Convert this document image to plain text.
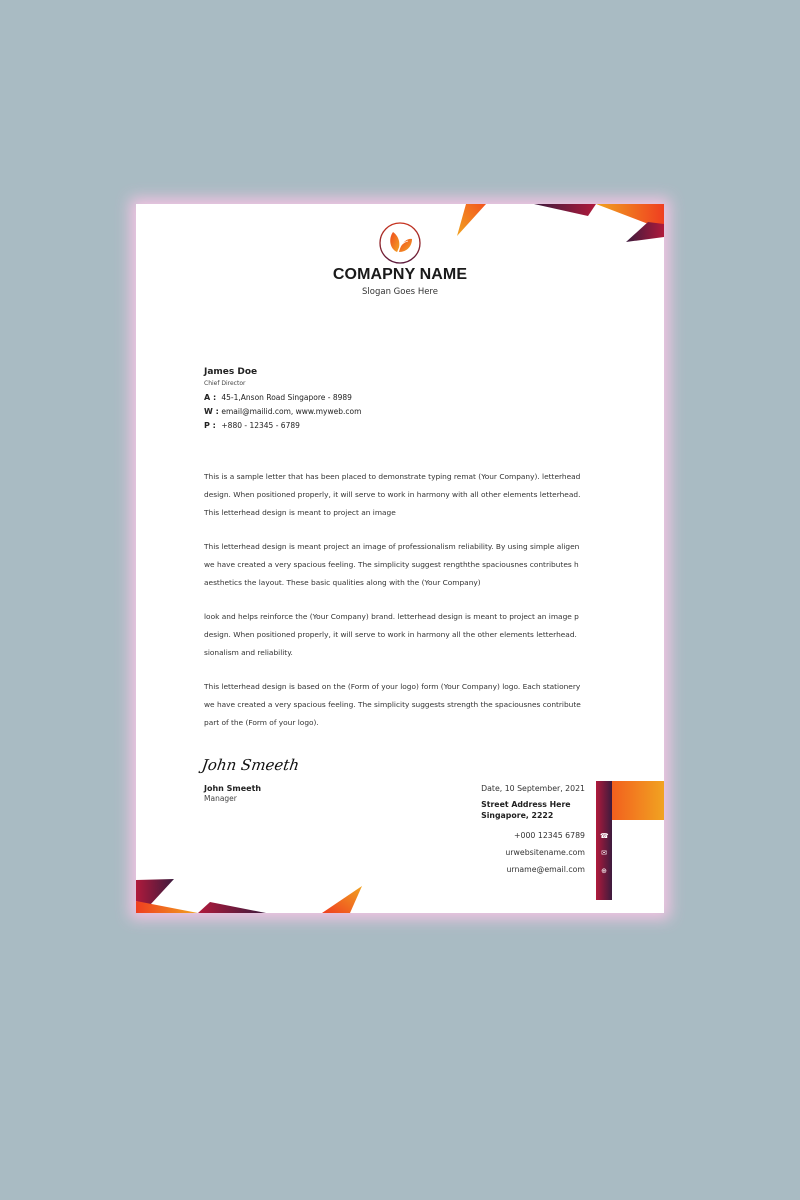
COMAPNY NAME
Slogan Goes Here
James Doe
Chief Director
A : 45-1,Anson Road Singapore - 8989
W : email@mailid.com, www.myweb.com
P : +880 - 12345 - 6789

This is a sample letter that has been placed to demonstrate typing remat (Your Company). letterhead
design. When positioned properly, it will serve to work in harmony with all other elements letterhead.
This letterhead design is meant to project an image

This letterhead design is meant project an image of professionalism reliability. By using simple aligen
we have created a very spacious feeling. The simplicity suggest rengththe spaciousnes contributes h
aesthetics the layout. These basic qualities along with the (Your Company)

look and helps reinforce the (Your Company) brand. letterhead design is meant to project an image p
design. When positioned properly, it will serve to work in harmony all the other elements letterhead.
sionalism and reliability.

This letterhead design is based on the (Form of your logo) form (Your Company) logo. Each stationery
we have created a very spacious feeling. The simplicity suggests strength the spaciousnes contribute
part of the (Form of your logo).

John Smeeth
John Smeeth
Manager
Date, 10 September, 2021
Street Address Here
Singapore, 2222
+000 12345 6789
urwebsitename.com
urname@email.com
☎
✉
⊕
